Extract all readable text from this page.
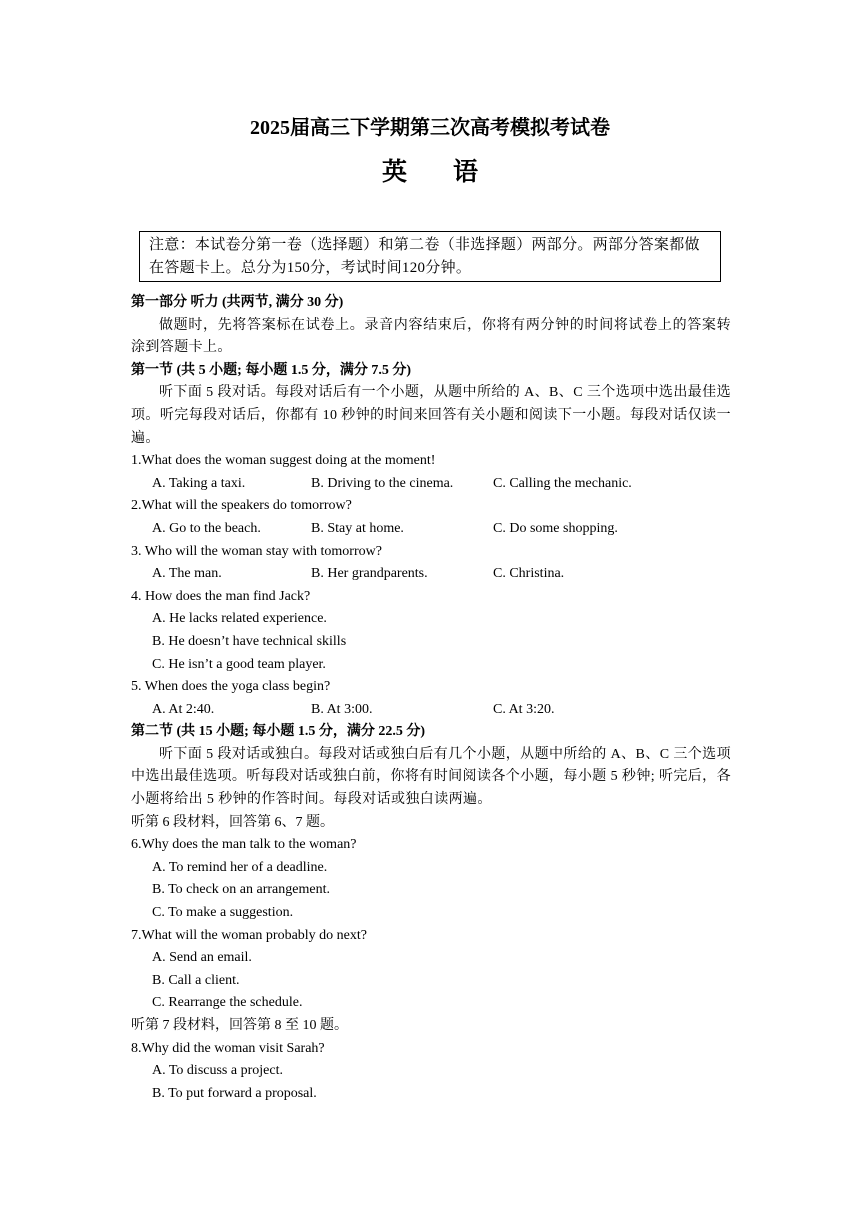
2025届高三下学期第三次高考模拟考试卷
英语
注意：本试卷分第一卷（选择题）和第二卷（非选择题）两部分。两部分答案都做在答题卡上。总分为150分，考试时间120分钟。

第一部分 听力 (共两节, 满分 30 分)

做题时，先将答案标在试卷上。录音内容结束后，你将有两分钟的时间将试卷上的答案转涂到答题卡上。

第一节 (共 5 小题; 每小题 1.5 分，满分 7.5 分)

听下面 5 段对话。每段对话后有一个小题，从题中所给的 A、B、C 三个选项中选出最佳选项。听完每段对话后，你都有 10 秒钟的时间来回答有关小题和阅读下一小题。每段对话仅读一遍。

1.What does the woman suggest doing at the moment!

A. Taking a taxi.	B. Driving to the cinema.	C. Calling the mechanic.

2.What will the speakers do tomorrow?

A. Go to the beach.	B. Stay at home.	C. Do some shopping.

3. Who will the woman stay with tomorrow?

A. The man.	B. Her grandparents.	C. Christina.

4. How does the man find Jack?

A. He lacks related experience.

B. He doesn’t have technical skills

C. He isn’t a good team player.

5. When does the yoga class begin?

A. At 2:40.	B. At 3:00.	C. At 3:20.

第二节 (共 15 小题; 每小题 1.5 分，满分 22.5 分)

听下面 5 段对话或独白。每段对话或独白后有几个小题，从题中所给的 A、B、C 三个选项中选出最佳选项。听每段对话或独白前，你将有时间阅读各个小题，每小题 5 秒钟; 听完后，各小题将给出 5 秒钟的作答时间。每段对话或独白读两遍。

听第 6 段材料，回答第 6、7 题。

6.Why does the man talk to the woman?

A. To remind her of a deadline.

B. To check on an arrangement.

C. To make a suggestion.

7.What will the woman probably do next?

A. Send an email.

B. Call a client.

C. Rearrange the schedule.

听第 7 段材料，回答第 8 至 10 题。

8.Why did the woman visit Sarah?

A. To discuss a project.

B. To put forward a proposal.
